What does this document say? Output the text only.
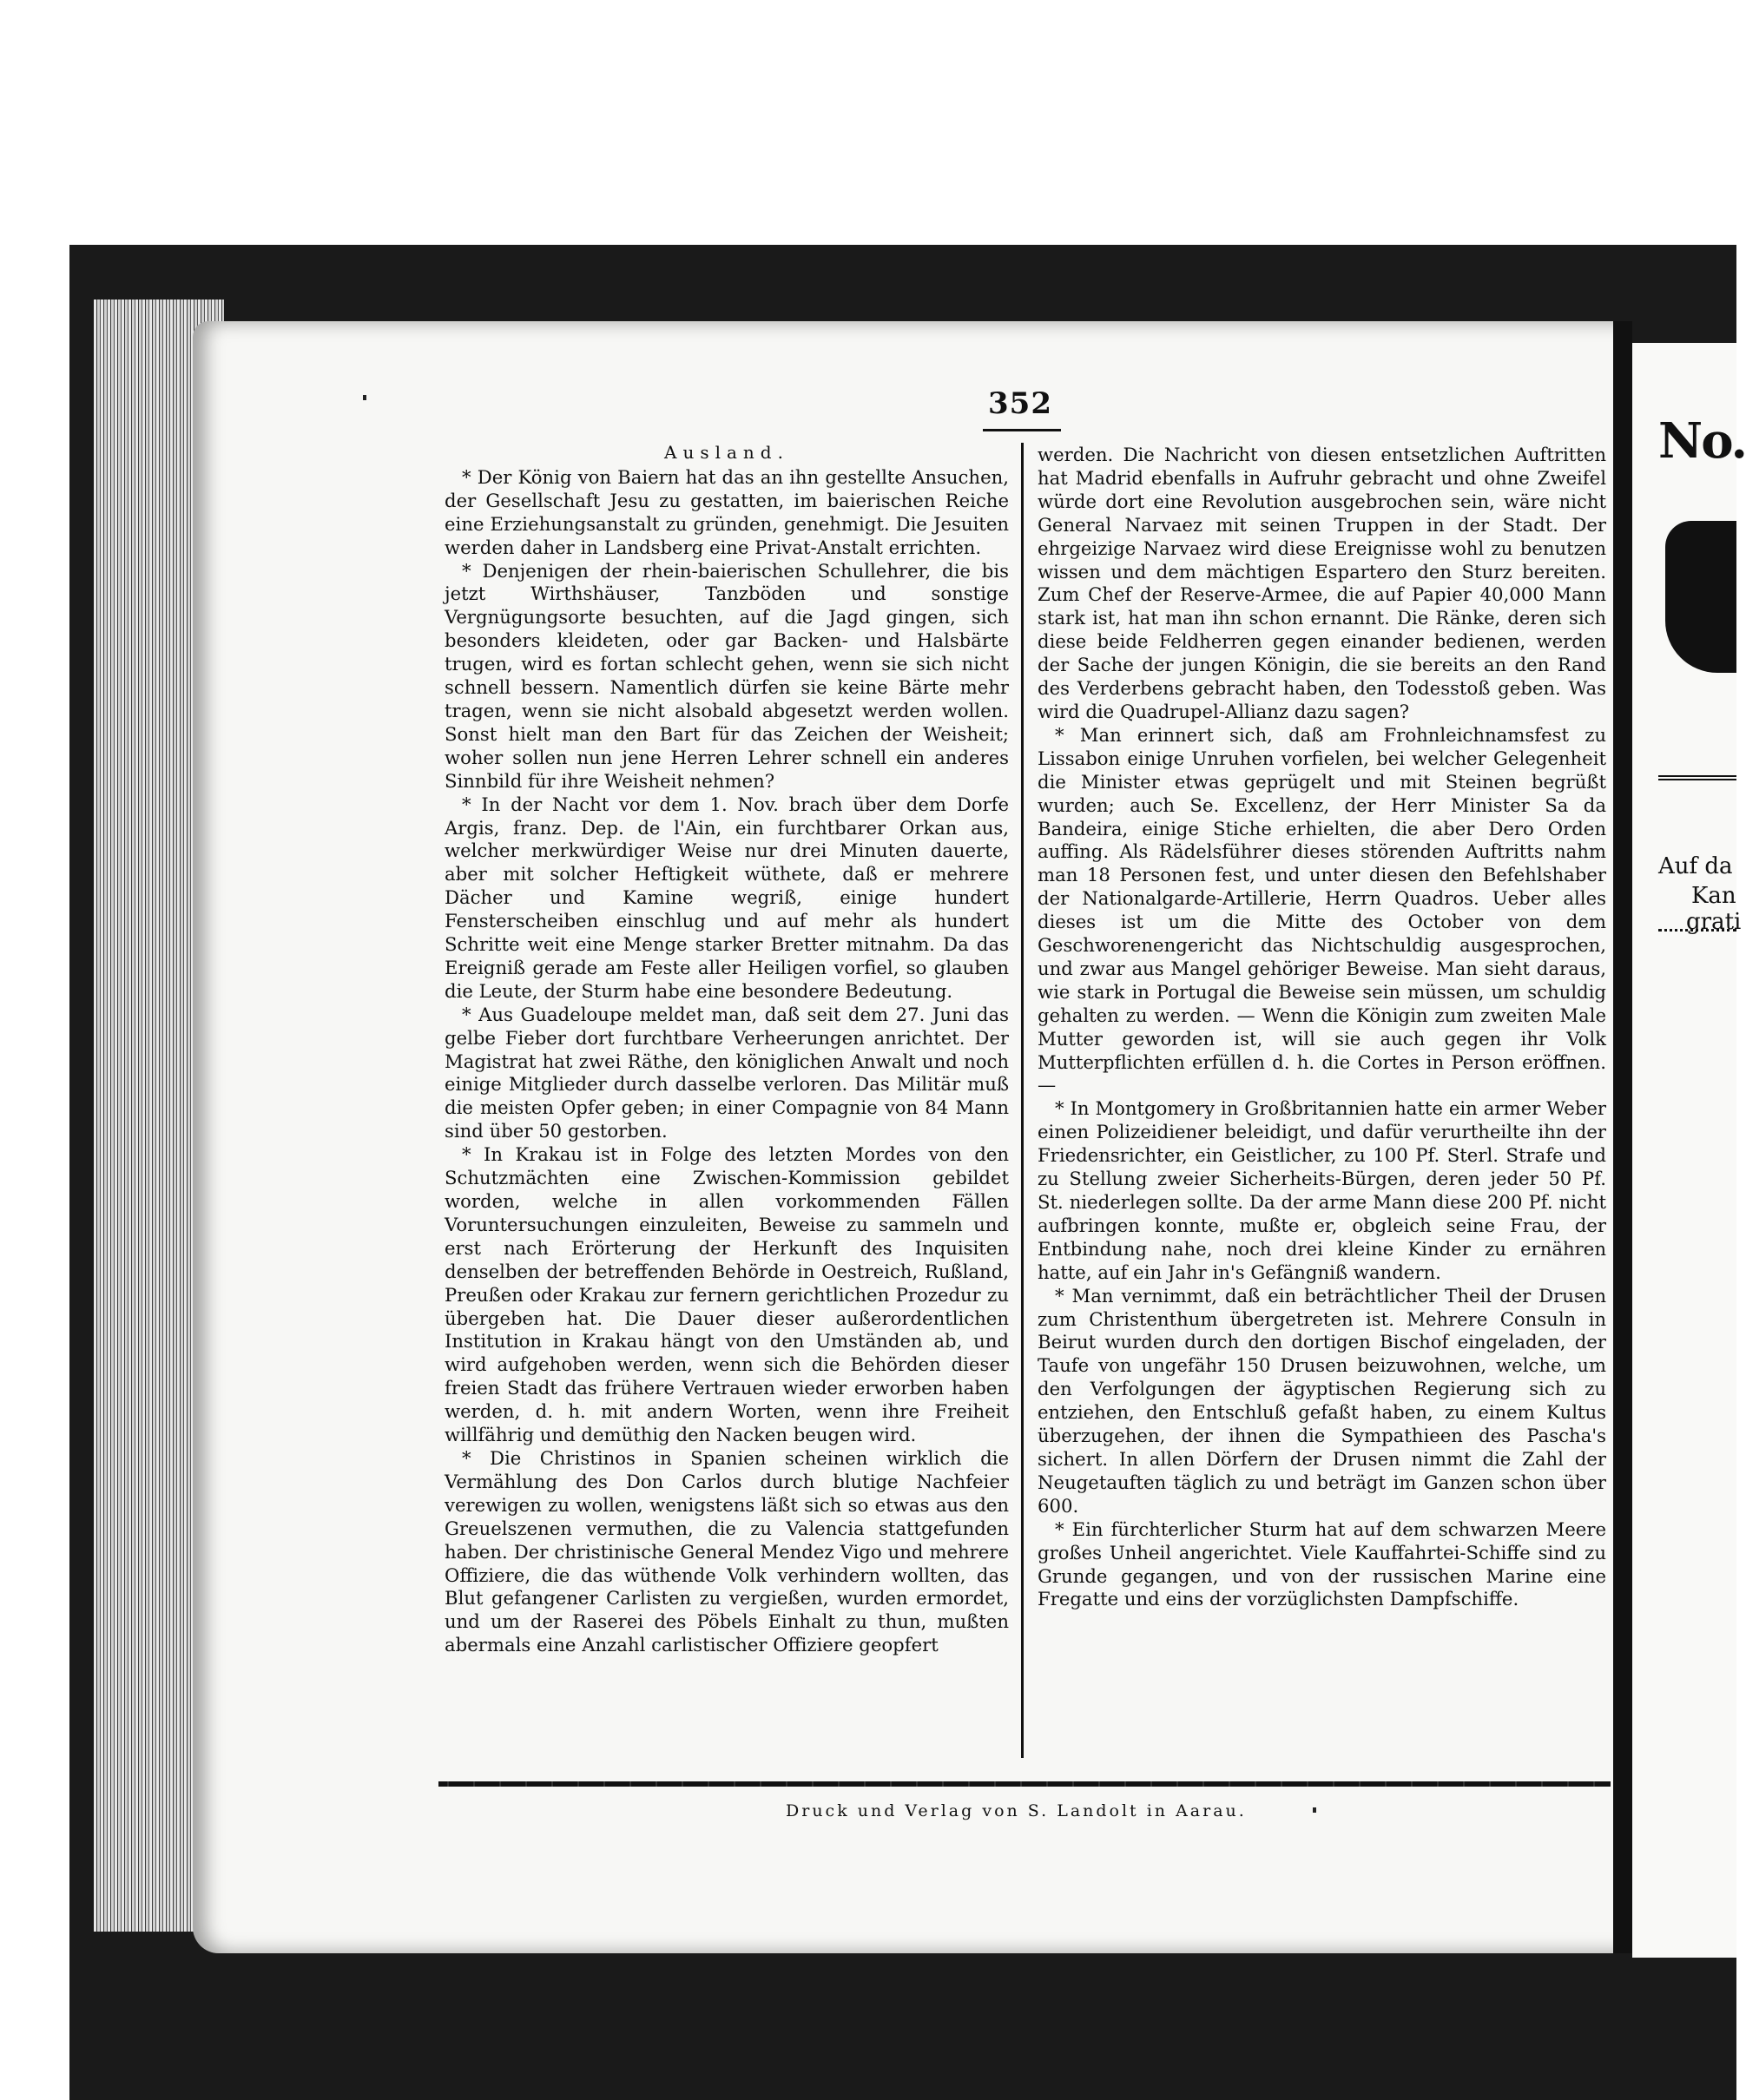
No.
Auf da
Kan
grati
352
Ausland.

* Der König von Baiern hat das an ihn gestellte Ansuchen, der Gesellschaft Jesu zu gestatten, im baierischen Reiche eine Erziehungsanstalt zu gründen, genehmigt. Die Jesuiten werden daher in Landsberg eine Privat-Anstalt errichten.

* Denjenigen der rhein-baierischen Schullehrer, die bis jetzt Wirthshäuser, Tanzböden und sonstige Vergnügungsorte besuchten, auf die Jagd gingen, sich besonders kleideten, oder gar Backen- und Halsbärte trugen, wird es fortan schlecht gehen, wenn sie sich nicht schnell bessern. Namentlich dürfen sie keine Bärte mehr tragen, wenn sie nicht alsobald abgesetzt werden wollen. Sonst hielt man den Bart für das Zeichen der Weisheit; woher sollen nun jene Herren Lehrer schnell ein anderes Sinnbild für ihre Weisheit nehmen?

* In der Nacht vor dem 1. Nov. brach über dem Dorfe Argis, franz. Dep. de l'Ain, ein furchtbarer Orkan aus, welcher merkwürdiger Weise nur drei Minuten dauerte, aber mit solcher Heftigkeit wüthete, daß er mehrere Dächer und Kamine wegriß, einige hundert Fensterscheiben einschlug und auf mehr als hundert Schritte weit eine Menge starker Bretter mitnahm. Da das Ereigniß gerade am Feste aller Heiligen vorfiel, so glauben die Leute, der Sturm habe eine besondere Bedeutung.

* Aus Guadeloupe meldet man, daß seit dem 27. Juni das gelbe Fieber dort furchtbare Verheerungen anrichtet. Der Magistrat hat zwei Räthe, den königlichen Anwalt und noch einige Mitglieder durch dasselbe verloren. Das Militär muß die meisten Opfer geben; in einer Compagnie von 84 Mann sind über 50 gestorben.

* In Krakau ist in Folge des letzten Mordes von den Schutzmächten eine Zwischen-Kommission gebildet worden, welche in allen vorkommenden Fällen Voruntersuchungen einzuleiten, Beweise zu sammeln und erst nach Erörterung der Herkunft des Inquisiten denselben der betreffenden Behörde in Oestreich, Rußland, Preußen oder Krakau zur fernern gerichtlichen Prozedur zu übergeben hat. Die Dauer dieser außerordentlichen Institution in Krakau hängt von den Umständen ab, und wird aufgehoben werden, wenn sich die Behörden dieser freien Stadt das frühere Vertrauen wieder erworben haben werden, d. h. mit andern Worten, wenn ihre Freiheit willfährig und demüthig den Nacken beugen wird.

* Die Christinos in Spanien scheinen wirklich die Vermählung des Don Carlos durch blutige Nachfeier verewigen zu wollen, wenigstens läßt sich so etwas aus den Greuelszenen vermuthen, die zu Valencia stattgefunden haben. Der christinische General Mendez Vigo und mehrere Offiziere, die das wüthende Volk verhindern wollten, das Blut gefangener Carlisten zu vergießen, wurden ermordet, und um der Raserei des Pöbels Einhalt zu thun, mußten abermals eine Anzahl carlistischer Offiziere geopfert

werden. Die Nachricht von diesen entsetzlichen Auftritten hat Madrid ebenfalls in Aufruhr gebracht und ohne Zweifel würde dort eine Revolution ausgebrochen sein, wäre nicht General Narvaez mit seinen Truppen in der Stadt. Der ehrgeizige Narvaez wird diese Ereignisse wohl zu benutzen wissen und dem mächtigen Espartero den Sturz bereiten. Zum Chef der Reserve-Armee, die auf Papier 40,000 Mann stark ist, hat man ihn schon ernannt. Die Ränke, deren sich diese beide Feldherren gegen einander bedienen, werden der Sache der jungen Königin, die sie bereits an den Rand des Verderbens gebracht haben, den Todesstoß geben. Was wird die Quadrupel-Allianz dazu sagen?

* Man erinnert sich, daß am Frohnleichnamsfest zu Lissabon einige Unruhen vorfielen, bei welcher Gelegenheit die Minister etwas geprügelt und mit Steinen begrüßt wurden; auch Se. Excellenz, der Herr Minister Sa da Bandeira, einige Stiche erhielten, die aber Dero Orden auffing. Als Rädelsführer dieses störenden Auftritts nahm man 18 Personen fest, und unter diesen den Befehlshaber der Nationalgarde-Artillerie, Herrn Quadros. Ueber alles dieses ist um die Mitte des October von dem Geschworenengericht das Nichtschuldig ausgesprochen, und zwar aus Mangel gehöriger Beweise. Man sieht daraus, wie stark in Portugal die Beweise sein müssen, um schuldig gehalten zu werden. — Wenn die Königin zum zweiten Male Mutter geworden ist, will sie auch gegen ihr Volk Mutterpflichten erfüllen d. h. die Cortes in Person eröffnen. —

* In Montgomery in Großbritannien hatte ein armer Weber einen Polizeidiener beleidigt, und dafür verurtheilte ihn der Friedensrichter, ein Geistlicher, zu 100 Pf. Sterl. Strafe und zu Stellung zweier Sicherheits-Bürgen, deren jeder 50 Pf. St. niederlegen sollte. Da der arme Mann diese 200 Pf. nicht aufbringen konnte, mußte er, obgleich seine Frau, der Entbindung nahe, noch drei kleine Kinder zu ernähren hatte, auf ein Jahr in's Gefängniß wandern.

* Man vernimmt, daß ein beträchtlicher Theil der Drusen zum Christenthum übergetreten ist. Mehrere Consuln in Beirut wurden durch den dortigen Bischof eingeladen, der Taufe von ungefähr 150 Drusen beizuwohnen, welche, um den Verfolgungen der ägyptischen Regierung sich zu entziehen, den Entschluß gefaßt haben, zu einem Kultus überzugehen, der ihnen die Sympathieen des Pascha's sichert. In allen Dörfern der Drusen nimmt die Zahl der Neugetauften täglich zu und beträgt im Ganzen schon über 600.

* Ein fürchterlicher Sturm hat auf dem schwarzen Meere großes Unheil angerichtet. Viele Kauffahrtei-Schiffe sind zu Grunde gegangen, und von der russischen Marine eine Fregatte und eins der vorzüglichsten Dampfschiffe.

Druck und Verlag von S. Landolt in Aarau.
